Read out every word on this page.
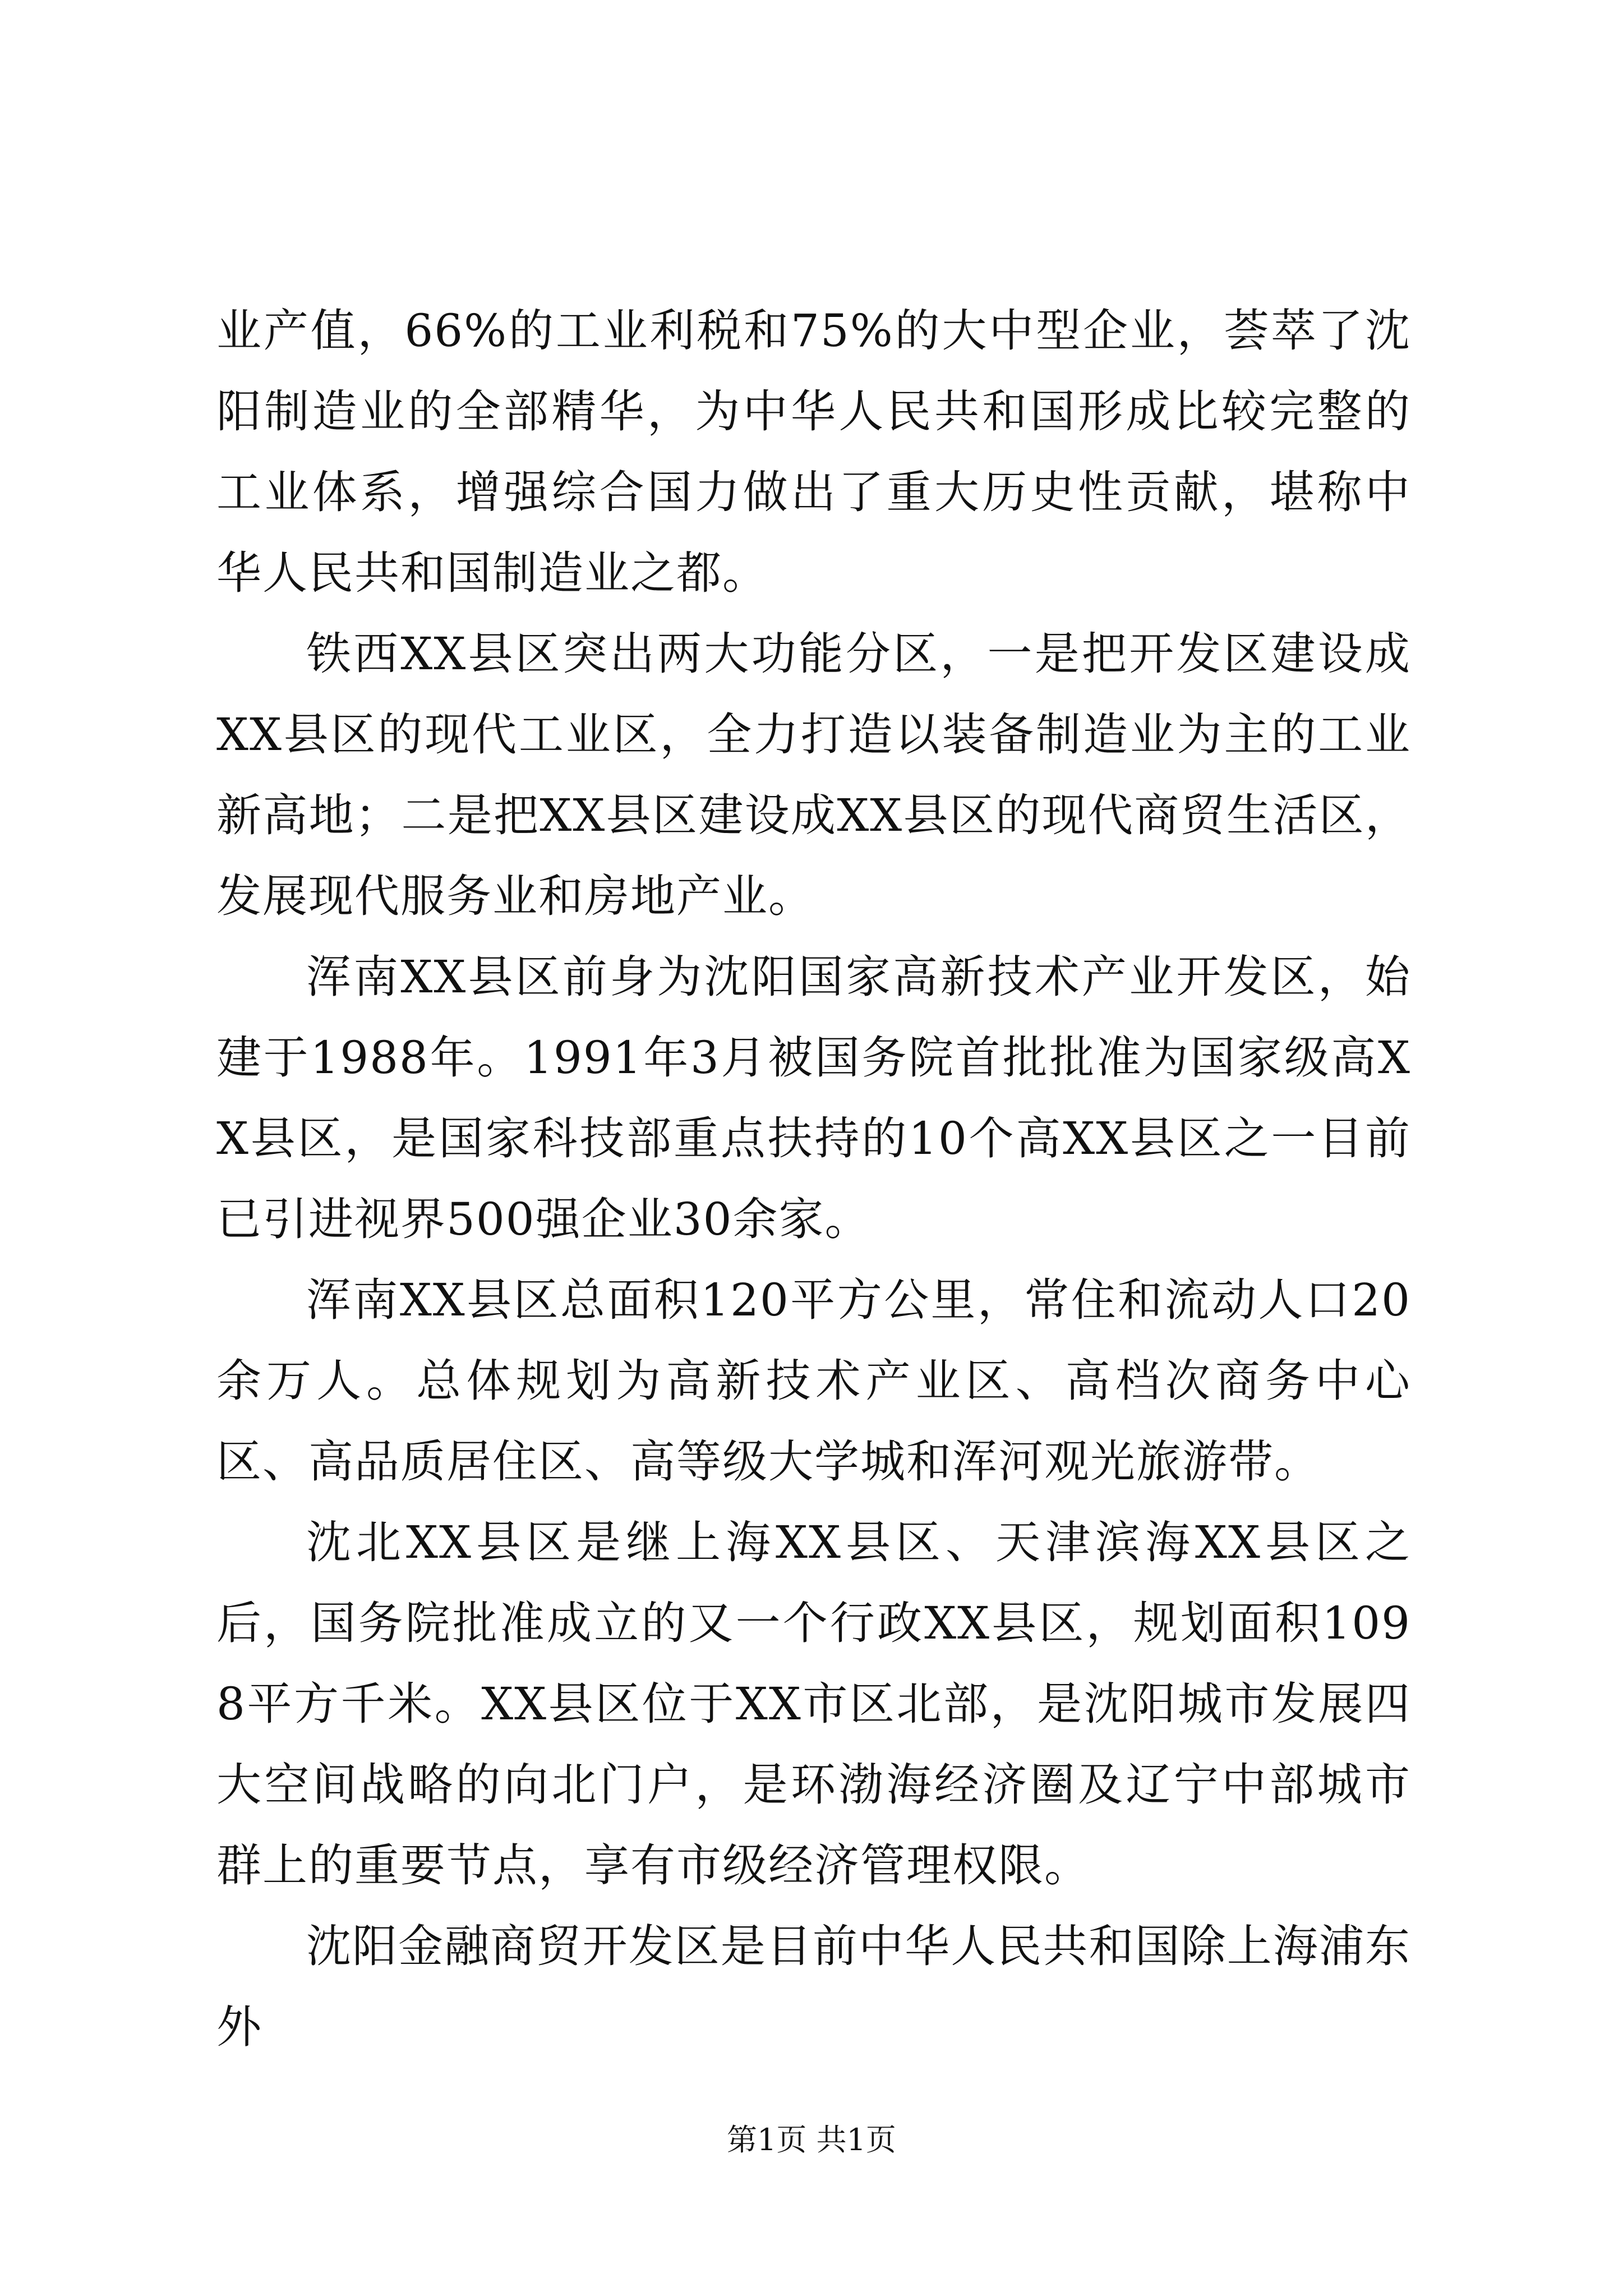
业产值，66%的工业利税和75%的大中型企业，荟萃了沈阳制造业的全部精华，为中华人民共和国形成比较完整的工业体系，增强综合国力做出了重大历史性贡献，堪称中华人民共和国制造业之都。

铁西XX县区突出两大功能分区，一是把开发区建设成XX县区的现代工业区，全力打造以装备制造业为主的工业新高地；二是把XX县区建设成XX县区的现代商贸生活区，发展现代服务业和房地产业。

浑南XX县区前身为沈阳国家高新技术产业开发区，始建于1988年。1991年3月被国务院首批批准为国家级高XX县区，是国家科技部重点扶持的10个高XX县区之一目前已引进视界500强企业30余家。

浑南XX县区总面积120平方公里，常住和流动人口20余万人。总体规划为高新技术产业区、高档次商务中心区、高品质居住区、高等级大学城和浑河观光旅游带。

沈北XX县区是继上海XX县区、天津滨海XX县区之后，国务院批准成立的又一个行政XX县区，规划面积1098平方千米。XX县区位于XX市区北部，是沈阳城市发展四大空间战略的向北门户，是环渤海经济圈及辽宁中部城市群上的重要节点，享有市级经济管理权限。

沈阳金融商贸开发区是目前中华人民共和国除上海浦东外

第1页 共1页
